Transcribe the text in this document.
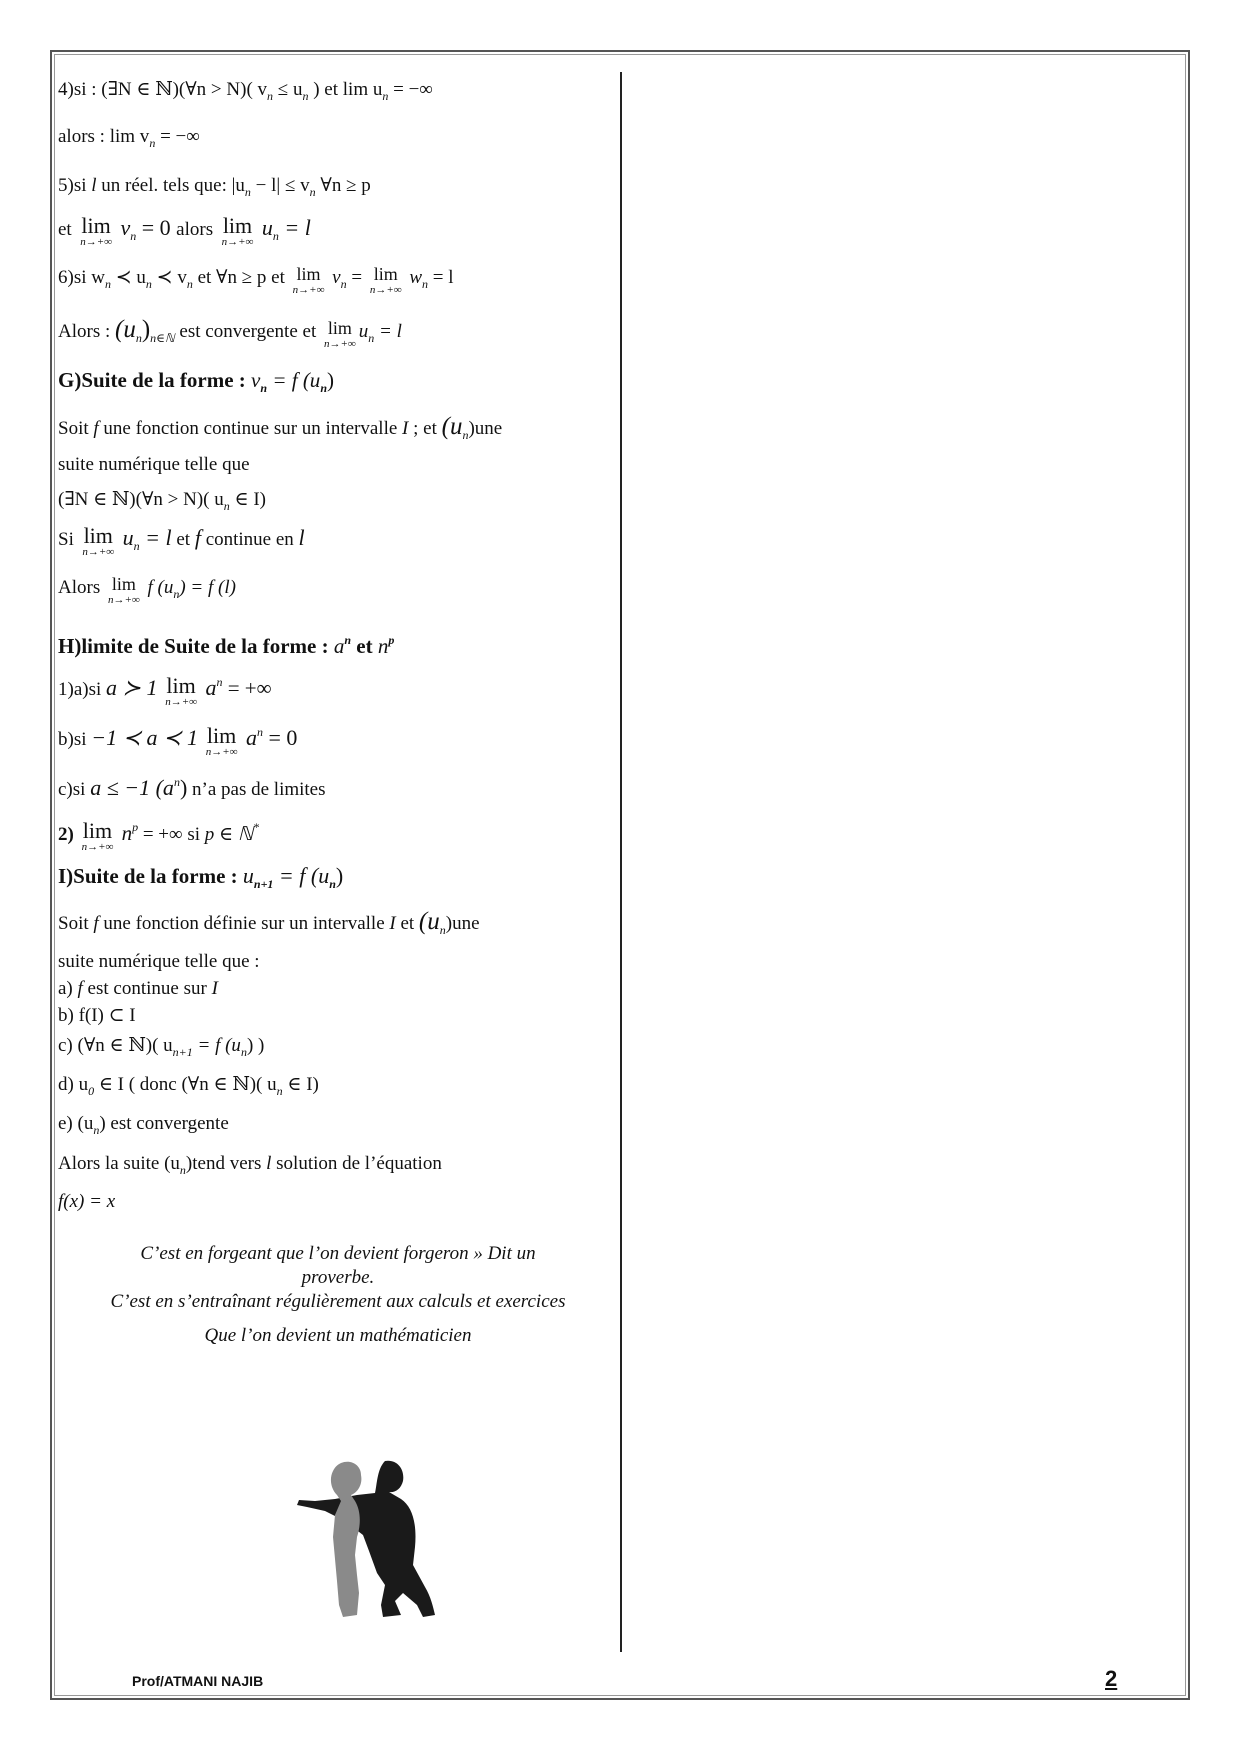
4)si : (∃N ∈ ℕ)(∀n > N)( $v_n \le u_n$ ) et $\lim u_n$ = −∞
alors : $\lim v_n$ = −∞
5)si l un réel. tels que: $|u_n - l| \le v_n$ ∀n ≥ p
et lim
n→+∞
$v_n = 0$ alors lim
n→+∞
$u_n = l$
6)si $w_n$ ≺ $u_n$ ≺ $v_n$ et ∀n ≥ p et lim
n→+∞
$v_n = \lim$
n→+∞
$w_n = l$
Alors : $(u_n)_{n\in ℕ}$ est convergente et lim
n→+∞
$u_n = l$
G)Suite de la forme : $v_n = f$ $(u_n)$
Soit f une fonction continue sur un intervalle I ; et $(u_n)une$
suite numérique telle que
(∃N ∈ ℕ)(∀n > N)( $u_n$ ∈ I)
Si lim
n→+∞
$u_n = l$ et f continue en l
Alors lim
n→+∞
f $(u_n) = f$ (l)
H)limite de Suite de la forme : $a^n$ et $n^p$
1)a)si a ≻ 1 lim
n→+∞
$a^n$ = +∞
b)si −1 ≺ a ≺ 1 lim
n→+∞
$a^n = 0$
c)si a ≤ −1 $(a^n)$ n’a pas de limites
2) lim
n→+∞
$n^p$ = +∞ si p ∈ ℕ*
I)Suite de la forme : $u_{n+1} = f$ $(u_n)$
Soit f une fonction définie sur un intervalle I et $(u_n)une$
suite numérique telle que :
a) f est continue sur I
b) f(I) ⊂ I
c) (∀n ∈ ℕ)( $u_{n+1} = f$ $(u_n)$ )
d) $u_0$ ∈ I ( donc (∀n ∈ ℕ)( $u_n$ ∈ I)
e) $(u_n)$ est convergente
Alors la suite $(u_n)tend$ vers l solution de l’équation
f(x) = x
C’est en forgeant que l’on devient forgeron » Dit un
proverbe.
C’est en s’entraînant régulièrement aux calculs et exercices
Que l’on devient un mathématicien
Prof/ATMANI NAJIB	2
